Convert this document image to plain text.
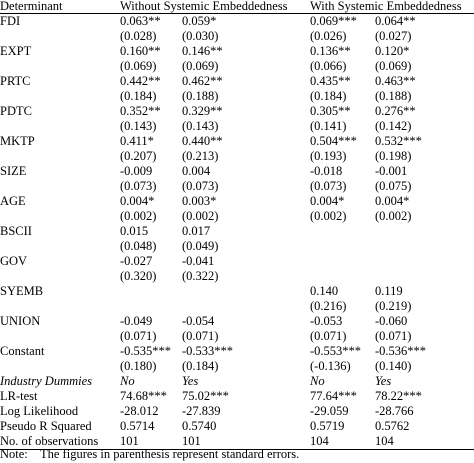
Determinant	Without Systemic Embeddedness		With Systemic Embeddedness	
FDI	0.063**	0.059*	0.069***	0.064**
	(0.028)	(0.030)	(0.026)	(0.027)
EXPT	0.160**	0.146**	0.136**	0.120*
	(0.069)	(0.069)	(0.066)	(0.069)
PRTC	0.442**	0.462**	0.435**	0.463**
	(0.184)	(0.188)	(0.184)	(0.188)
PDTC	0.352**	0.329**	0.305**	0.276**
	(0.143)	(0.143)	(0.141)	(0.142)
MKTP	0.411*	0.440**	0.504***	0.532***
	(0.207)	(0.213)	(0.193)	(0.198)
SIZE	-0.009	0.004	-0.018	-0.001
	(0.073)	(0.073)	(0.073)	(0.075)
AGE	0.004*	0.003*	0.004*	0.004*
	(0.002)	(0.002)	(0.002)	(0.002)
BSCII	0.015	0.017		
	(0.048)	(0.049)		
GOV	-0.027	-0.041		
	(0.320)	(0.322)		

SYEMB			0.140	0.119
			(0.216)	(0.219)
UNION	-0.049	-0.054	-0.053	-0.060
	(0.071)	(0.071)	(0.071)	(0.071)
Constant	-0.535***	-0.533***	-0.553***	-0.536***
	(0.180)	(0.184)	(-0.136)	(0.140)
Industry Dummies	No	Yes	No	Yes
LR-test	74.68***	75.02***	77.64***	78.22***
Log Likelihood	-28.012	-27.839	-29.059	-28.766
Pseudo R Squared	0.5714	0.5740	0.5719	0.5762
No. of observations	101	101	104	104
Note: The figures in parenthesis represent standard errors.
